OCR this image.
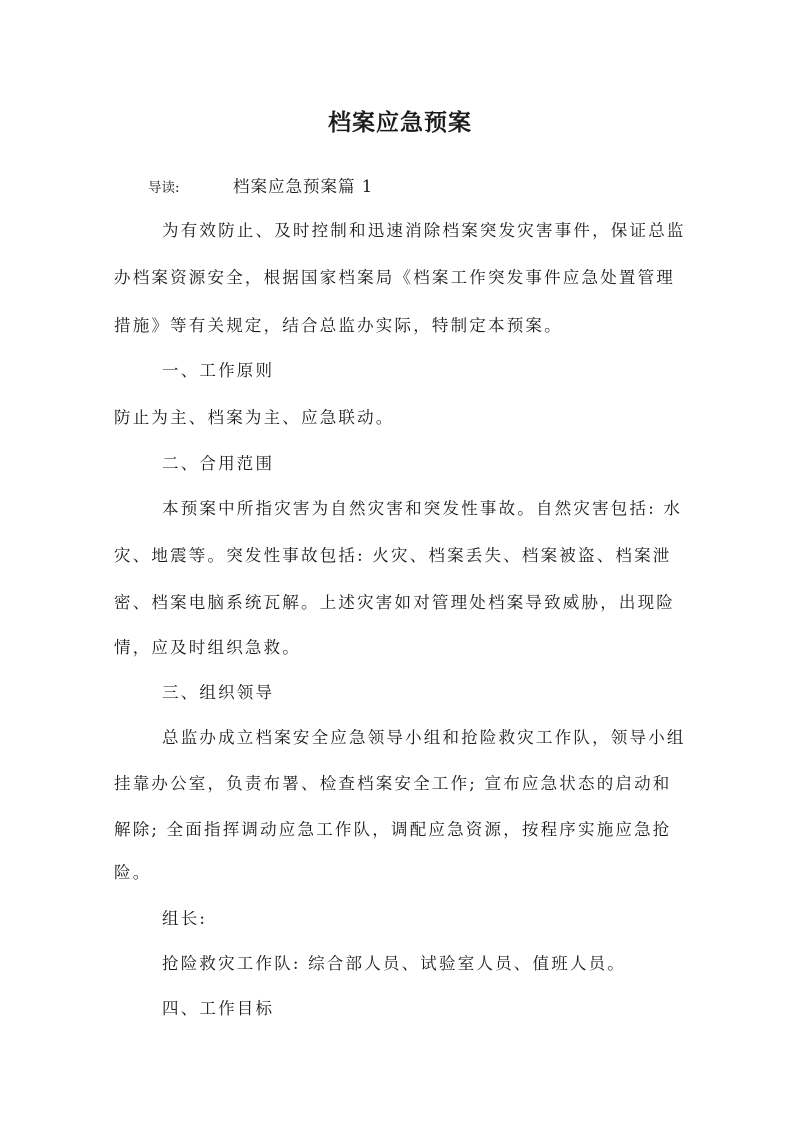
档案应急预案
导读:	档案应急预案篇 1

为有效防止、及时控制和迅速消除档案突发灾害事件，保证总监

办档案资源安全，根据国家档案局《档案工作突发事件应急处置管理

措施》等有关规定，结合总监办实际，特制定本预案。

一、工作原则

防止为主、档案为主、应急联动。

二、合用范围

本预案中所指灾害为自然灾害和突发性事故。自然灾害包括: 水

灾、地震等。突发性事故包括: 火灾、档案丢失、档案被盗、档案泄

密、档案电脑系统瓦解。上述灾害如对管理处档案导致威胁，出现险

情，应及时组织急救。

三、组织领导

总监办成立档案安全应急领导小组和抢险救灾工作队，领导小组

挂靠办公室，负责布署、检查档案安全工作; 宣布应急状态的启动和

解除; 全面指挥调动应急工作队，调配应急资源，按程序实施应急抢

险。

组长:

抢险救灾工作队: 综合部人员、试验室人员、值班人员。

四、工作目标
